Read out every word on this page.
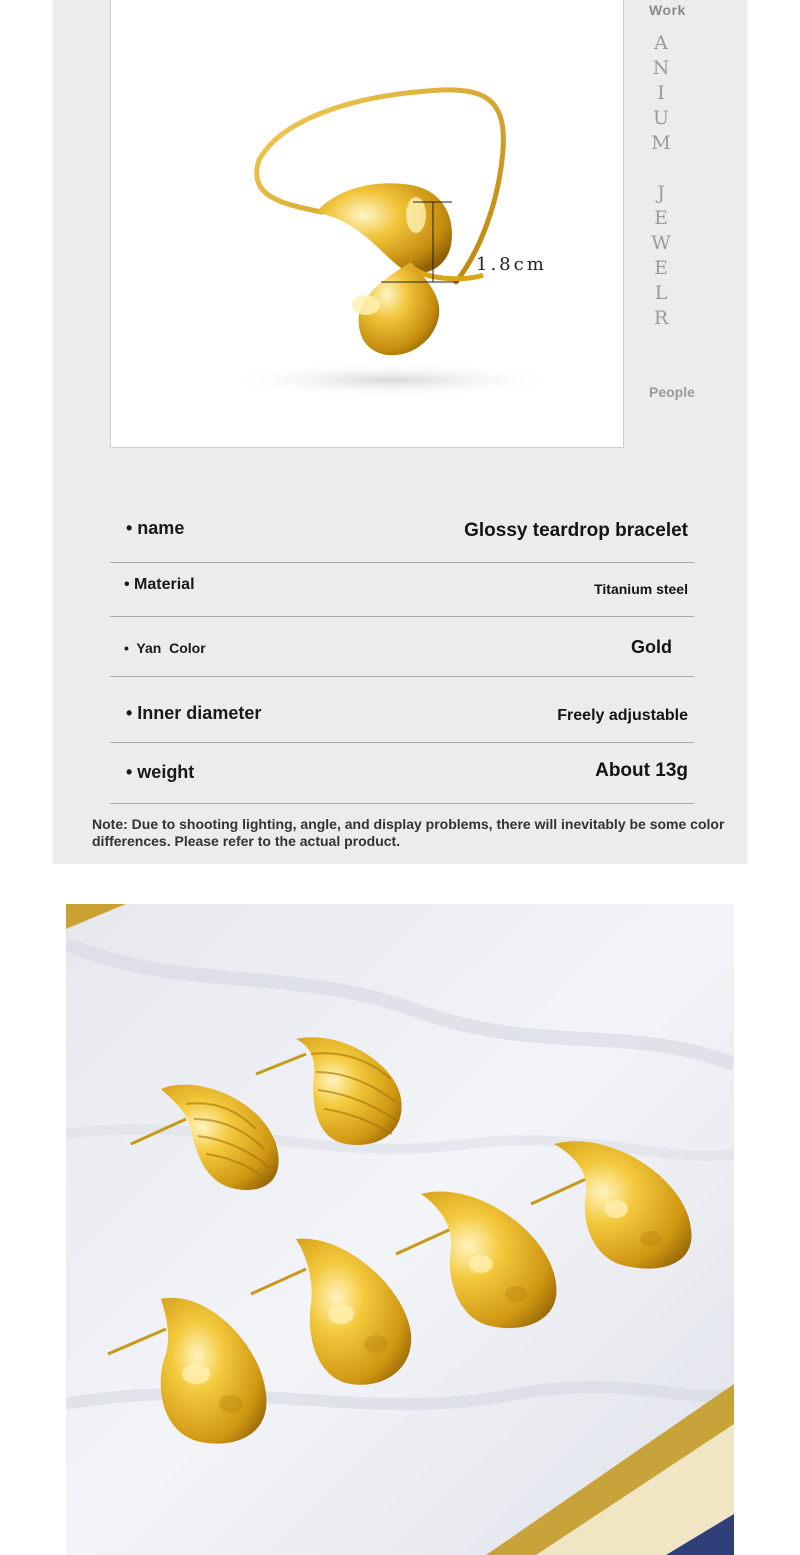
1.8cm
Work
ANIUM JEWELR
People
• name	Glossy teardrop bracelet
• Material	Titanium steel
•  Yan  Color	Gold
• Inner diameter	Freely adjustable
• weight	About 13g
Note: Due to shooting lighting, angle, and display problems, there will inevitably be some color differences. Please refer to the actual product.
